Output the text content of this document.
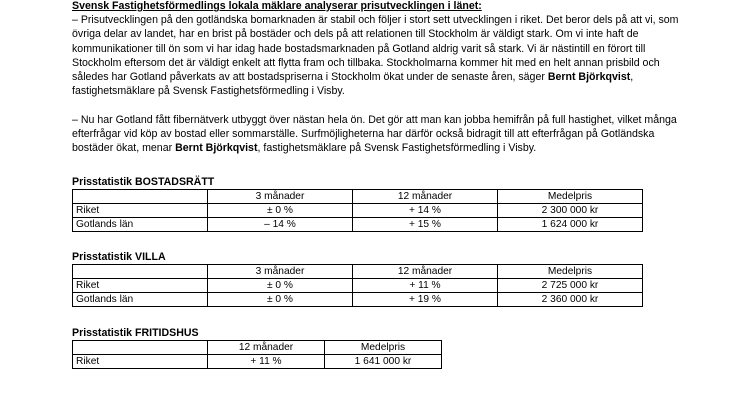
Svensk Fastighetsförmedlings lokala mäklare analyserar prisutvecklingen i länet:

– Prisutvecklingen på den gotländska bomarknaden är stabil och följer i stort sett utvecklingen i riket. Det beror dels på att vi, som övriga delar av landet, har en brist på bostäder och dels på att relationen till Stockholm är väldigt stark. Om vi inte haft de kommunikationer till ön som vi har idag hade bostadsmarknaden på Gotland aldrig varit så stark. Vi är nästintill en förort till Stockholm eftersom det är väldigt enkelt att flytta fram och tillbaka. Stockholmarna kommer hit med en helt annan prisbild och således har Gotland påverkats av att bostadspriserna i Stockholm ökat under de senaste åren, säger Bernt Björkqvist, fastighetsmäklare på Svensk Fastighetsförmedling i Visby.

– Nu har Gotland fått fibernätverk utbyggt över nästan hela ön. Det gör att man kan jobba hemifrån på full hastighet, vilket många efterfrågar vid köp av bostad eller sommarställe. Surfmöjligheterna har därför också bidragit till att efterfrågan på Gotländska bostäder ökat, menar Bernt Björkqvist, fastighetsmäklare på Svensk Fastighetsförmedling i Visby.

Prisstatistik BOSTADSRÄTT
	3 månader	12 månader	Medelpris
Riket	± 0 %	+ 14 %	2 300 000 kr
Gotlands län	– 14 %	+ 15 %	1 624 000 kr
Prisstatistik VILLA
	3 månader	12 månader	Medelpris
Riket	± 0 %	+ 11 %	2 725 000 kr
Gotlands län	± 0 %	+ 19 %	2 360 000 kr
Prisstatistik FRITIDSHUS
	12 månader	Medelpris
Riket	+ 11 %	1 641 000 kr
